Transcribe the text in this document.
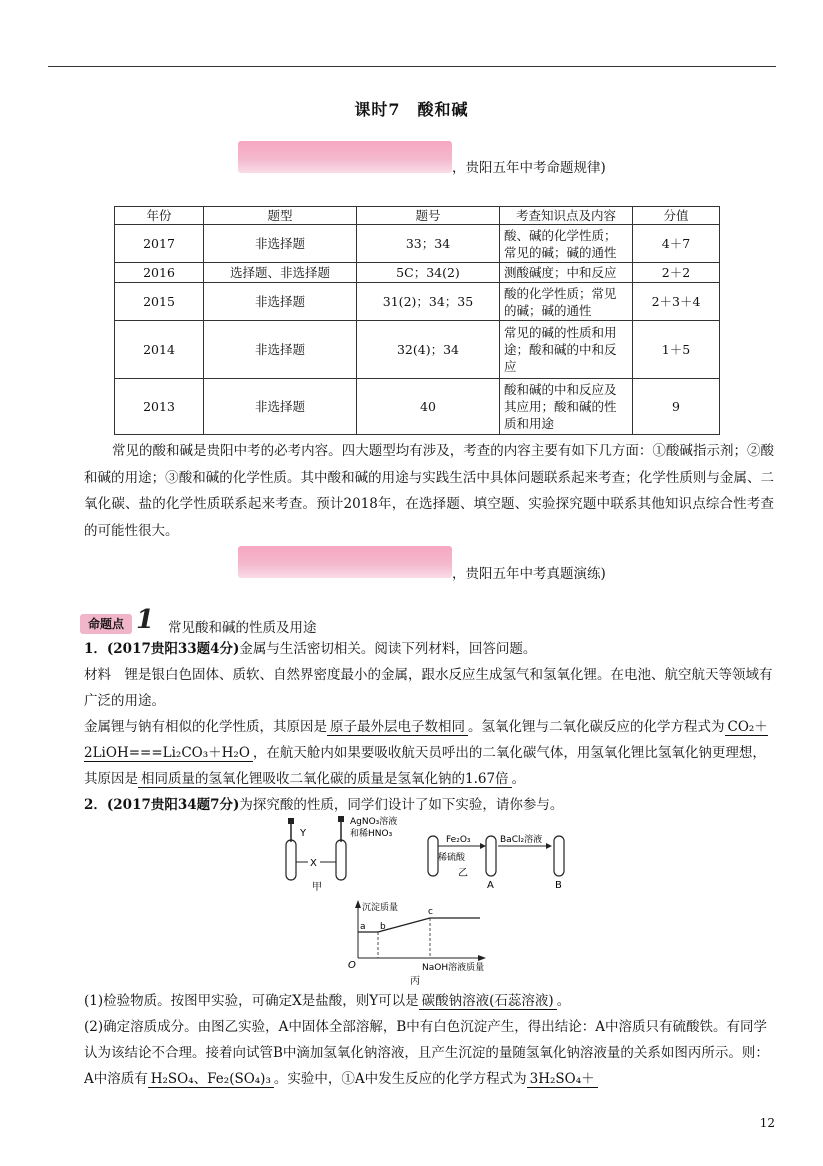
课时7　酸和碱
，贵阳五年中考命题规律)
年份	题型	题号	考查知识点及内容	分值
2017	非选择题	33；34	酸、碱的化学性质；常见的碱；碱的通性	4＋7
2016	选择题、非选择题	5C；34(2)	测酸碱度；中和反应	2＋2
2015	非选择题	31(2)；34；35	酸的化学性质；常见的碱；碱的通性	2＋3＋4
2014	非选择题	32(4)；34	常见的碱的性质和用途；酸和碱的中和反应	1＋5
2013	非选择题	40	酸和碱的中和反应及其应用；酸和碱的性质和用途	9
常见的酸和碱是贵阳中考的必考内容。四大题型均有涉及，考查的内容主要有如下几方面：①酸碱指示剂；②酸和碱的用途；③酸和碱的化学性质。其中酸和碱的用途与实践生活中具体问题联系起来考查；化学性质则与金属、二氧化碳、盐的化学性质联系起来考查。预计2018年，在选择题、填空题、实验探究题中联系其他知识点综合性考查的可能性很大。
，贵阳五年中考真题演练)
命题点 1 常见酸和碱的性质及用途
1．(2017贵阳33题4分)金属与生活密切相关。阅读下列材料，回答问题。
材料　锂是银白色固体、质软、自然界密度最小的金属，跟水反应生成氢气和氢氧化锂。在电池、航空航天等领域有广泛的用途。
金属锂与钠有相似的化学性质，其原因是 原子最外层电子数相同 。氢氧化锂与二氧化碳反应的化学方程式为 CO₂＋2LiOH===Li₂CO₃＋H₂O ，在航天舱内如果要吸收航天员呼出的二氧化碳气体，用氢氧化锂比氢氧化钠更理想，其原因是 相同质量的氢氧化锂吸收二氧化碳的质量是氢氧化钠的1.67倍 。
2．(2017贵阳34题7分)为探究酸的性质，同学们设计了如下实验，请你参与。
Y
X
AgNO₃溶液
和稀HNO₃
甲
Fe₂O₃
稀硫酸
A
BaCl₂溶液
B
乙
沉淀质量
NaOH溶液质量
O
a b
c
丙
(1)检验物质。按图甲实验，可确定X是盐酸，则Y可以是 碳酸钠溶液(石蕊溶液) 。
(2)确定溶质成分。由图乙实验，A中固体全部溶解，B中有白色沉淀产生，得出结论：A中溶质只有硫酸铁。有同学认为该结论不合理。接着向试管B中滴加氢氧化钠溶液，且产生沉淀的量随氢氧化钠溶液量的关系如图丙所示。则：A中溶质有 H₂SO₄、Fe₂(SO₄)₃ 。实验中，①A中发生反应的化学方程式为 3H₂SO₄＋
12
